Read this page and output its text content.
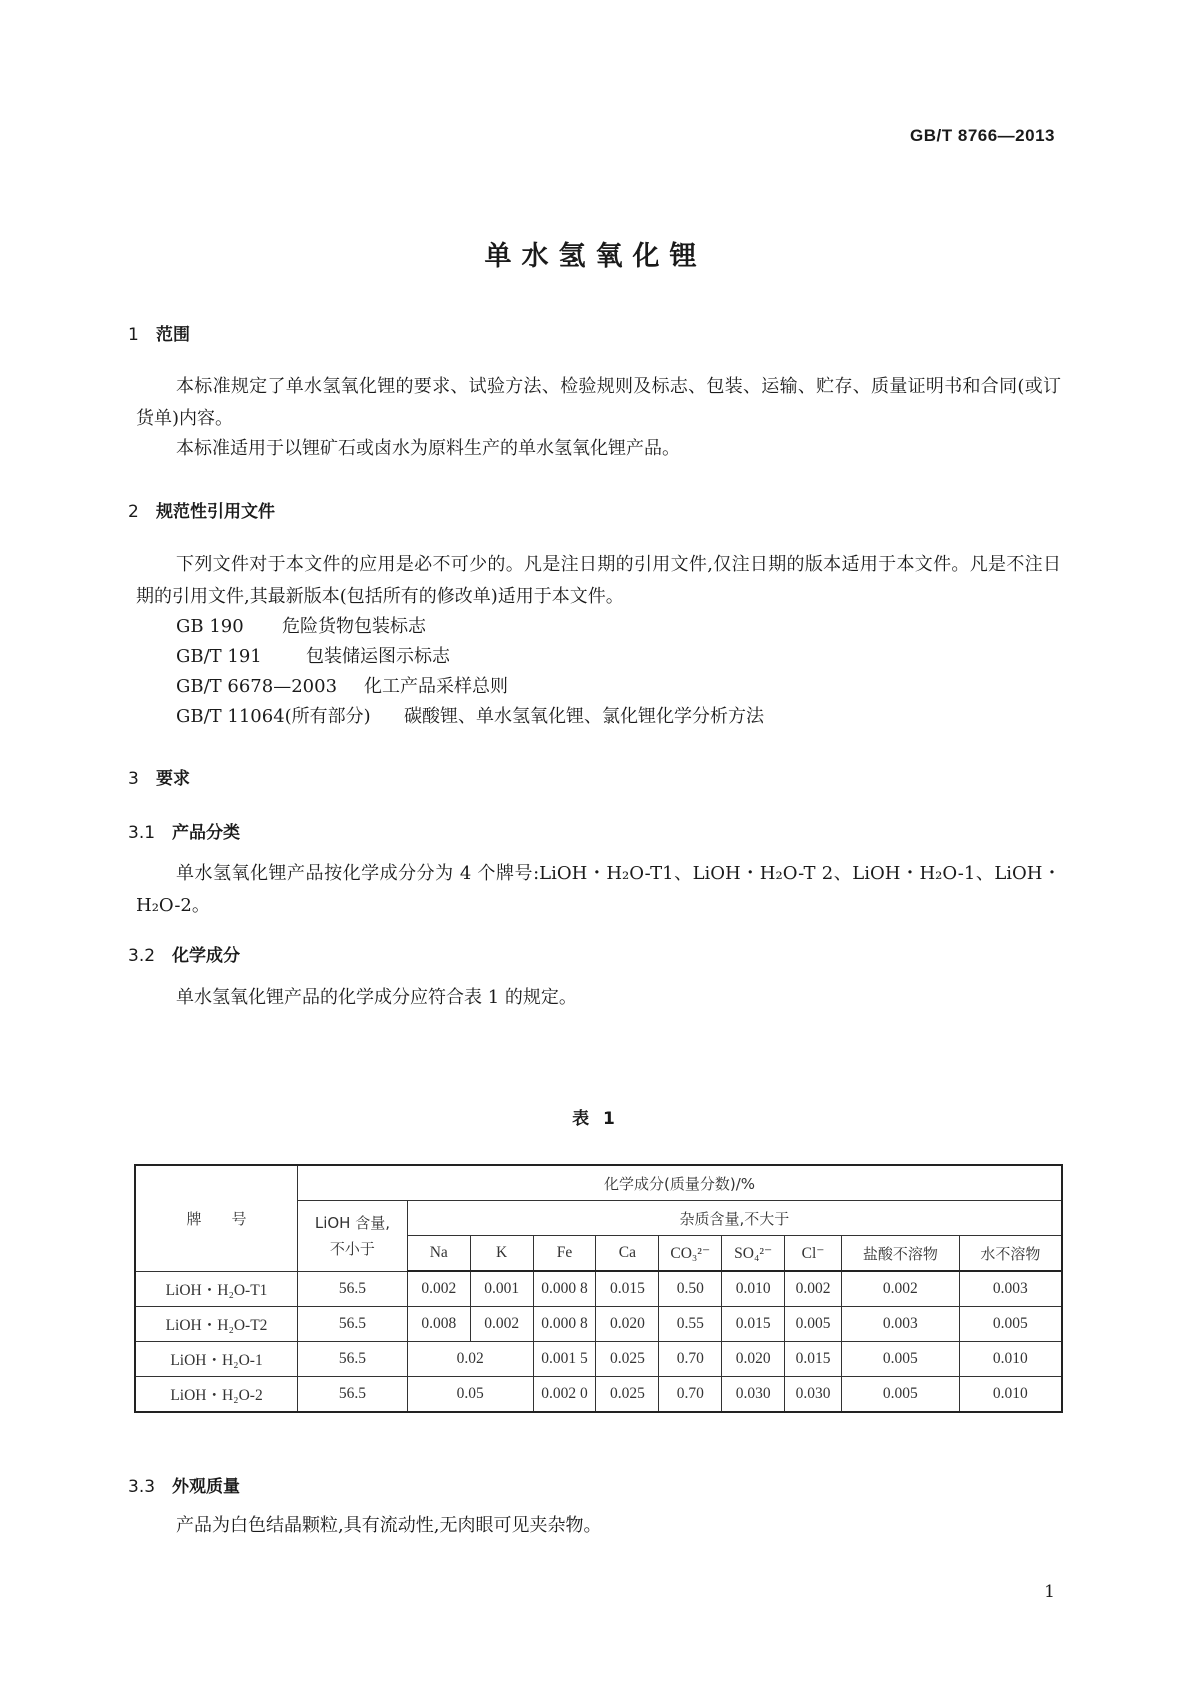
GB/T 8766—2013
单水氢氧化锂
1 范围
本标准规定了单水氢氧化锂的要求、试验方法、检验规则及标志、包装、运输、贮存、质量证明书和合同(或订货单)内容。
本标准适用于以锂矿石或卤水为原料生产的单水氢氧化锂产品。
2 规范性引用文件
下列文件对于本文件的应用是必不可少的。凡是注日期的引用文件,仅注日期的版本适用于本文件。凡是不注日期的引用文件,其最新版本(包括所有的修改单)适用于本文件。
GB 190 危险货物包装标志
GB/T 191 包装储运图示标志
GB/T 6678—2003 化工产品采样总则
GB/T 11064(所有部分) 碳酸锂、单水氢氧化锂、氯化锂化学分析方法
3 要求
3.1 产品分类
单水氢氧化锂产品按化学成分分为 4 个牌号:LiOH・H₂O-T1、LiOH・H₂O-T 2、LiOH・H₂O-1、LiOH・H₂O-2。
3.2 化学成分
单水氢氧化锂产品的化学成分应符合表 1 的规定。
表 1
牌　　号	化学成分(质量分数)/%									
	LiOH 含量,不小于	杂质含量,不大于								
		Na	K	Fe	Ca	CO₃²⁻	SO₄²⁻	Cl⁻	盐酸不溶物	水不溶物
LiOH・H₂O-T1	56.5	0.002	0.001	0.000 8	0.015	0.50	0.010	0.002	0.002	0.003
LiOH・H₂O-T2	56.5	0.008	0.002	0.000 8	0.020	0.55	0.015	0.005	0.003	0.005
LiOH・H₂O-1	56.5	0.02		0.001 5	0.025	0.70	0.020	0.015	0.005	0.010
LiOH・H₂O-2	56.5	0.05		0.002 0	0.025	0.70	0.030	0.030	0.005	0.010
3.3 外观质量
产品为白色结晶颗粒,具有流动性,无肉眼可见夹杂物。
1
